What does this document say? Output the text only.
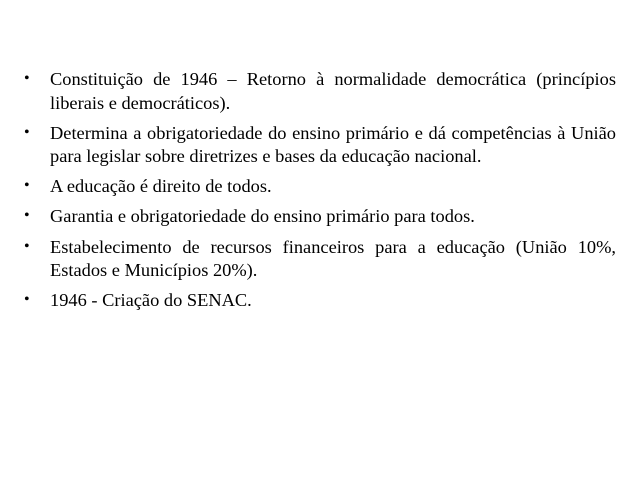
•	Constituição de 1946 – Retorno à normalidade democrática (princípios liberais e democráticos).
•	Determina a obrigatoriedade do ensino primário e dá competências à União para legislar sobre diretrizes e bases da educação nacional.
•	A educação é direito de todos.
•	Garantia e obrigatoriedade do ensino primário para todos.
•	Estabelecimento de recursos financeiros para a educação (União 10%, Estados e Municípios 20%).
•	1946 - Criação do SENAC.
